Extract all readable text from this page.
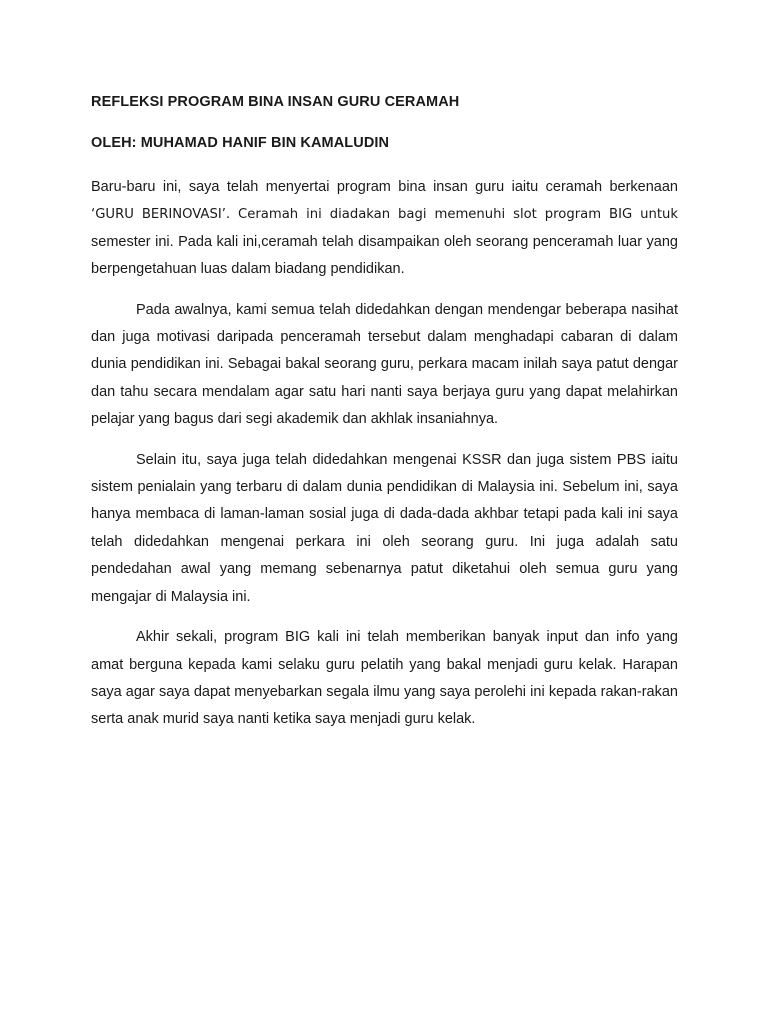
REFLEKSI PROGRAM BINA INSAN GURU CERAMAH

OLEH: MUHAMAD HANIF BIN KAMALUDIN

Baru-baru ini, saya telah menyertai program bina insan guru iaitu ceramah berkenaan ‘GURU BERINOVASI’. Ceramah ini diadakan bagi memenuhi slot program BIG untuk semester ini. Pada kali ini,ceramah telah disampaikan oleh seorang penceramah luar yang berpengetahuan luas dalam biadang pendidikan.

Pada awalnya, kami semua telah didedahkan dengan mendengar beberapa nasihat dan juga motivasi daripada penceramah tersebut dalam menghadapi cabaran di dalam dunia pendidikan ini. Sebagai bakal seorang guru, perkara macam inilah saya patut dengar dan tahu secara mendalam agar satu hari nanti saya berjaya guru yang dapat melahirkan pelajar yang bagus dari segi akademik dan akhlak insaniahnya.

Selain itu, saya juga telah didedahkan mengenai KSSR dan juga sistem PBS iaitu sistem penialain yang terbaru di dalam dunia pendidikan di Malaysia ini. Sebelum ini, saya hanya membaca di laman-laman sosial juga di dada-dada akhbar tetapi pada kali ini saya telah didedahkan mengenai perkara ini oleh seorang guru. Ini juga adalah satu pendedahan awal yang memang sebenarnya patut diketahui oleh semua guru yang mengajar di Malaysia ini.

Akhir sekali, program BIG kali ini telah memberikan banyak input dan info yang amat berguna kepada kami selaku guru pelatih yang bakal menjadi guru kelak. Harapan saya agar saya dapat menyebarkan segala ilmu yang saya perolehi ini kepada rakan-rakan serta anak murid saya nanti ketika saya menjadi guru kelak.
